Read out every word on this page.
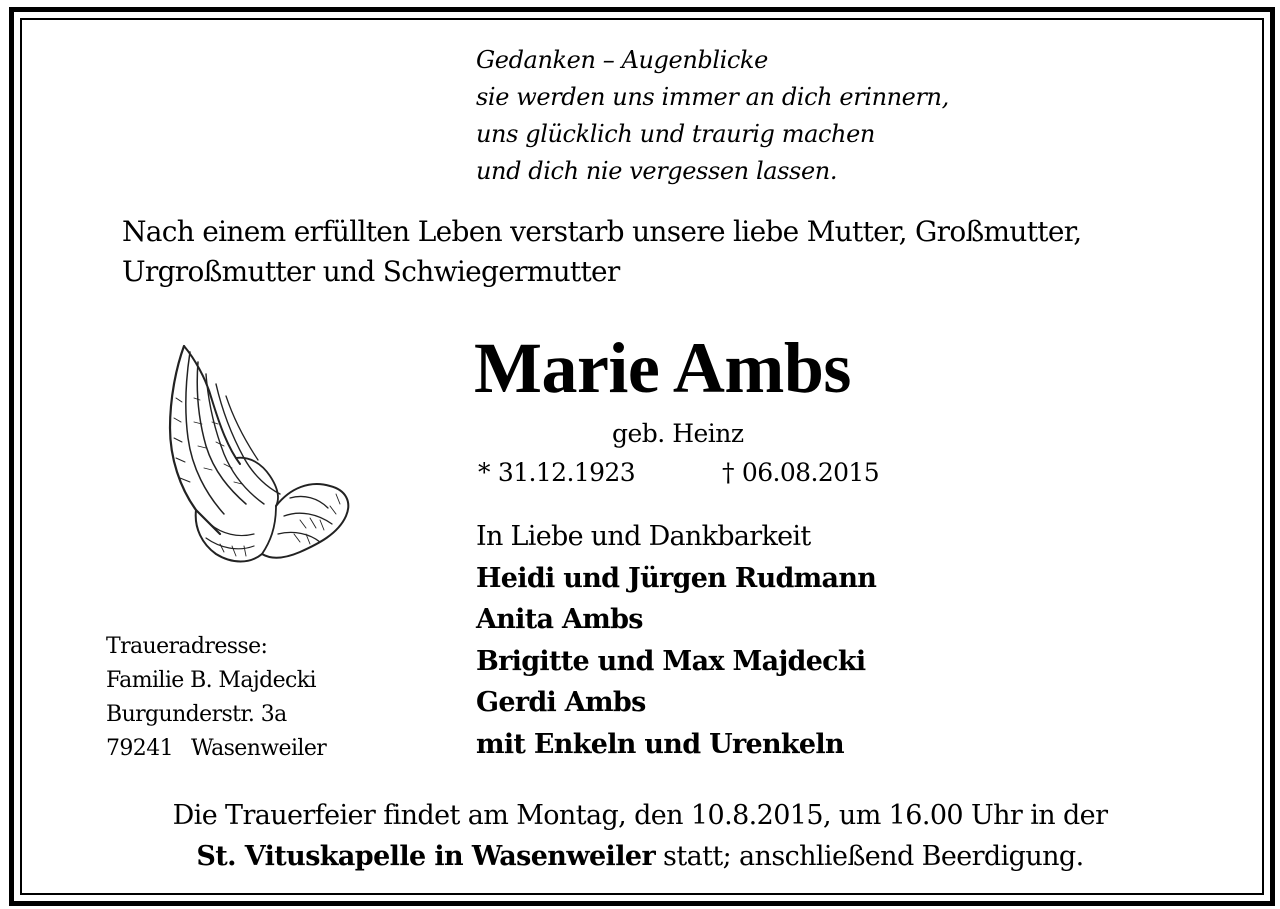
Gedanken – Augenblicke
sie werden uns immer an dich erinnern,
uns glücklich und traurig machen
und dich nie vergessen lassen.
Nach einem erfüllten Leben verstarb unsere liebe Mutter, Großmutter,
Urgroßmutter und Schwiegermutter
Marie Ambs
geb. Heinz
* 31.12.1923	† 06.08.2015
In Liebe und Dankbarkeit
Heidi und Jürgen Rudmann
Anita Ambs
Brigitte und Max Majdecki
Gerdi Ambs
mit Enkeln und Urenkeln
Traueradresse:
Familie B. Majdecki
Burgunderstr. 3a
79241 Wasenweiler
Die Trauerfeier findet am Montag, den 10.8.2015, um 16.00 Uhr in der
St. Vituskapelle in Wasenweiler statt; anschließend Beerdigung.
